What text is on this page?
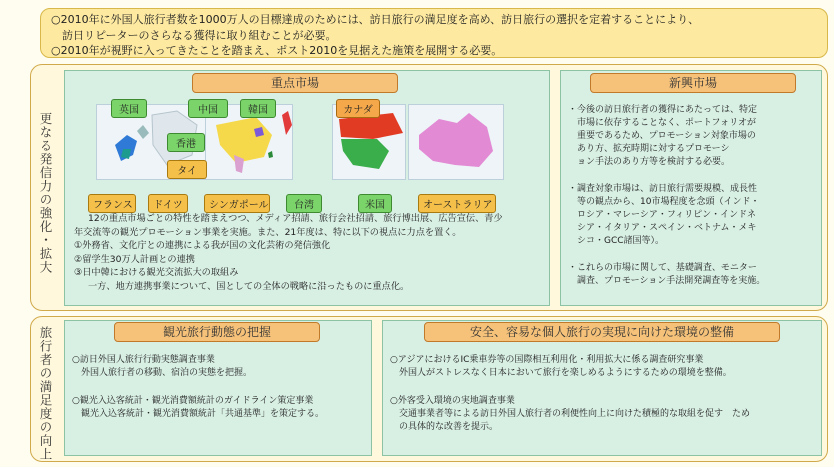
○2010年に外国人旅行者数を1000万人の目標達成のためには、訪日旅行の満足度を高め、訪日旅行の選択を定着することにより、
　訪日リピーターのさらなる獲得に取り組むことが必要。
○2010年が視野に入ってきたことを踏まえ、ポスト2010を見据えた施策を展開する必要。
更なる発信力の強化・拡大
重点市場
英国	中国	韓国
香港
タイ
カナダ
フランス	ドイツ	シンガポール	台湾	米国	オーストラリア
12の重点市場ごとの特性を踏まえつつ、メディア招請、旅行会社招請、旅行博出展、広告宣伝、青少
年交流等の観光プロモーション事業を実施。また、21年度は、特に以下の視点に力点を置く。
①外務省、文化庁との連携による我が国の文化芸術の発信強化
②留学生30万人計画との連携
③日中韓における観光交流拡大の取組み
一方、地方連携事業について、国としての全体の戦略に沿ったものに重点化。
新興市場
・今後の訪日旅行者の獲得にあたっては、特定
　市場に依存することなく、ポートフォリオが
　重要であるため、プロモーション対象市場の
　あり方、拡充時期に対するプロモーシ
　ョン手法のあり方等を検討する必要。
・調査対象市場は、訪日旅行需要規模、成長性
　等の観点から、10市場程度を念頭（インド・
　ロシア・マレーシア・フィリピン・インドネ
　シア・イタリア・スペイン・ベトナム・メキ
　シコ・GCC諸国等）。
・これらの市場に関して、基礎調査、モニター
　調査、プロモーション手法開発調査等を実施。
旅行者の満足度の向上	観光旅行動態の把握
○訪日外国人旅行行動実態調査事業
　外国人旅行者の移動、宿泊の実態を把握。
○観光入込客統計・観光消費額統計のガイドライン策定事業
　観光入込客統計・観光消費額統計「共通基準」を策定する。
安全、容易な個人旅行の実現に向けた環境の整備
○アジアにおけるIC乗車券等の国際相互利用化・利用拡大に係る調査研究事業
　外国人がストレスなく日本において旅行を楽しめるようにするための環境を整備。
○外客受入環境の実地調査事業
　交通事業者等による訪日外国人旅行者の利便性向上に向けた積極的な取組を促す　ため
　の具体的な改善を提示。
